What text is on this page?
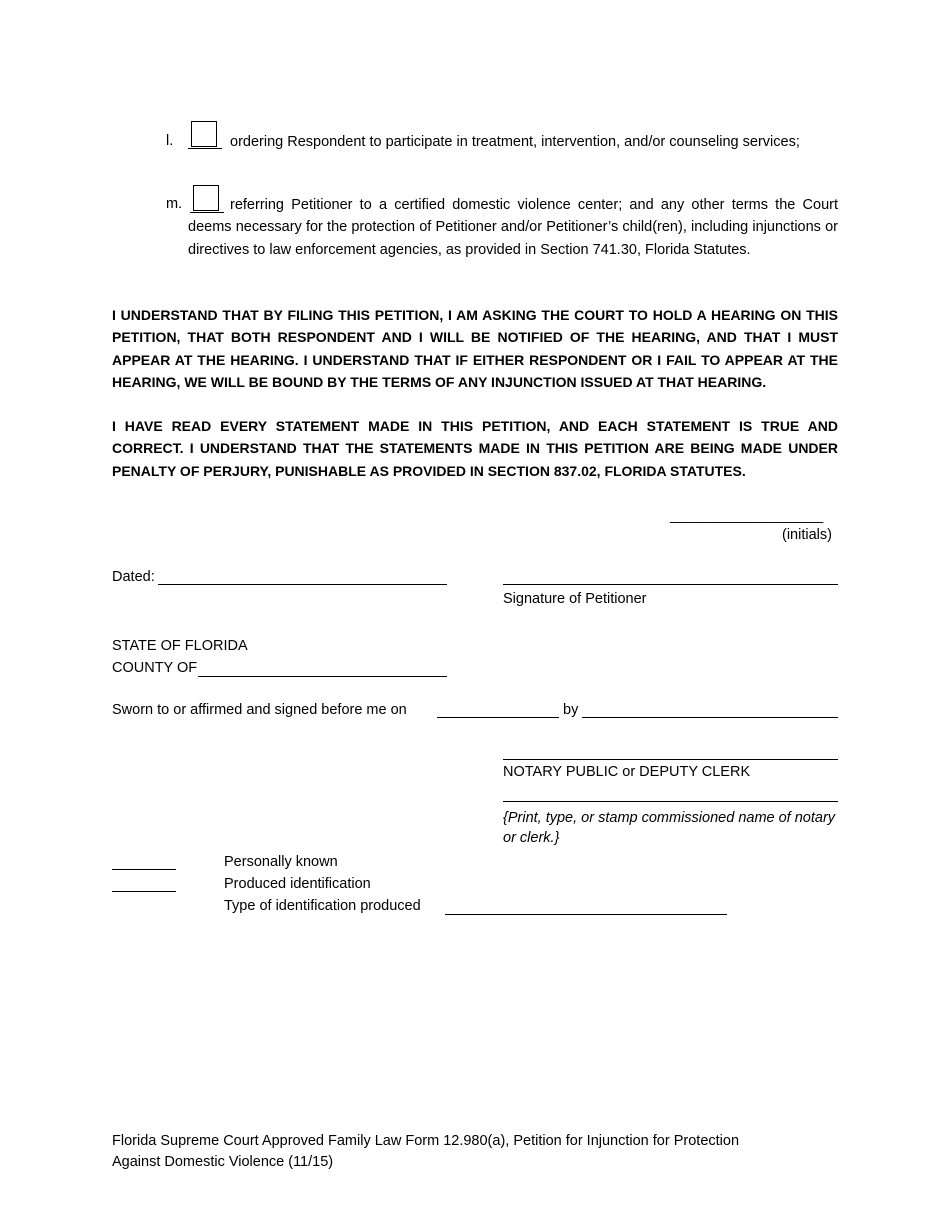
l.	ordering Respondent to participate in treatment, intervention, and/or counseling services;
m.	referring Petitioner to a certified domestic violence center; and any other terms the Court deems necessary for the protection of Petitioner and/or Petitioner’s child(ren), including injunctions or directives to law enforcement agencies, as provided in Section 741.30, Florida Statutes.
I UNDERSTAND THAT BY FILING THIS PETITION, I AM ASKING THE COURT TO HOLD A HEARING ON THIS PETITION, THAT BOTH RESPONDENT AND I WILL BE NOTIFIED OF THE HEARING, AND THAT I MUST APPEAR AT THE HEARING. I UNDERSTAND THAT IF EITHER RESPONDENT OR I FAIL TO APPEAR AT THE HEARING, WE WILL BE BOUND BY THE TERMS OF ANY INJUNCTION ISSUED AT THAT HEARING.
I HAVE READ EVERY STATEMENT MADE IN THIS PETITION, AND EACH STATEMENT IS TRUE AND CORRECT. I UNDERSTAND THAT THE STATEMENTS MADE IN THIS PETITION ARE BEING MADE UNDER PENALTY OF PERJURY, PUNISHABLE AS PROVIDED IN SECTION 837.02, FLORIDA STATUTES.
___________________
(initials)
Dated:
Signature of Petitioner
STATE OF FLORIDA
COUNTY OF
Sworn to or affirmed and signed before me on	by
NOTARY PUBLIC or DEPUTY CLERK
{Print, type, or stamp commissioned name of notary or clerk.}
Personally known
Produced identification
Type of identification produced
Florida Supreme Court Approved Family Law Form 12.980(a), Petition for Injunction for Protection
Against Domestic Violence (11/15)
